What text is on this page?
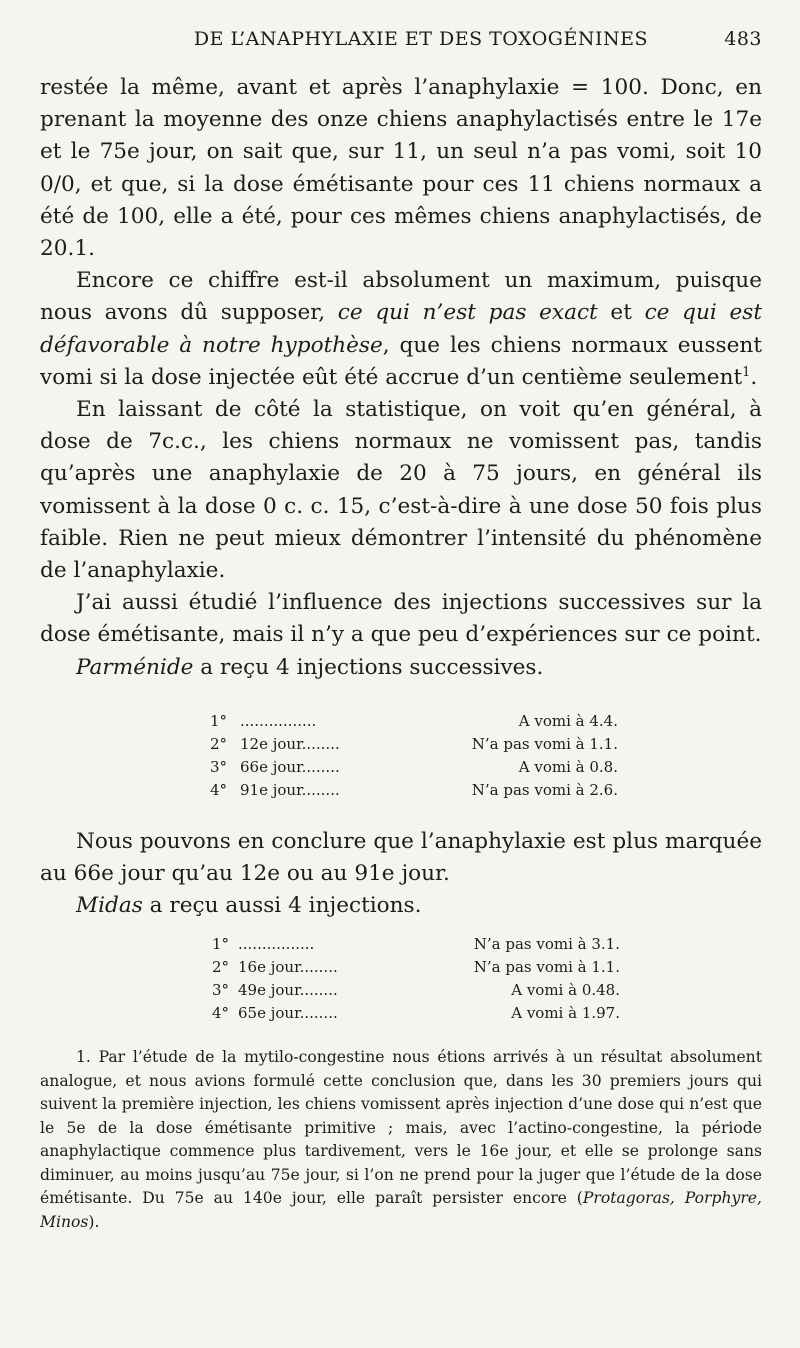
DE L’ANAPHYLAXIE ET DES TOXOGÉNINES	483

restée la même, avant et après l’anaphylaxie = 100. Donc, en prenant la moyenne des onze chiens anaphylactisés entre le 17e et le 75e jour, on sait que, sur 11, un seul n’a pas vomi, soit 10 0/0, et que, si la dose émétisante pour ces 11 chiens normaux a été de 100, elle a été, pour ces mêmes chiens anaphylactisés, de 20.1.

Encore ce chiffre est-il absolument un maximum, puisque nous avons dû supposer, ce qui n’est pas exact et ce qui est défavorable à notre hypothèse, que les chiens normaux eussent vomi si la dose injectée eût été accrue d’un centième seulement$^1$.

En laissant de côté la statistique, on voit qu’en général, à dose de 7c.c., les chiens normaux ne vomissent pas, tandis qu’après une anaphylaxie de 20 à 75 jours, en général ils vomissent à la dose 0 c. c. 15, c’est-à-dire à une dose 50 fois plus faible. Rien ne peut mieux démontrer l’intensité du phénomène de l’anaphylaxie.

J’ai aussi étudié l’influence des injections successives sur la dose émétisante, mais il n’y a que peu d’expériences sur ce point.

Parménide a reçu 4 injections successives.

1°	................	A vomi à 4.4.
2°	12e jour........	N’a pas vomi à 1.1.
3°	66e jour........	A vomi à 0.8.
4°	91e jour........	N’a pas vomi à 2.6.

Nous pouvons en conclure que l’anaphylaxie est plus marquée au 66e jour qu’au 12e ou au 91e jour.

Midas a reçu aussi 4 injections.

1°	................	N’a pas vomi à 3.1.
2°	16e jour........	N’a pas vomi à 1.1.
3°	49e jour........	A vomi à 0.48.
4°	65e jour........	A vomi à 1.97.

1. Par l’étude de la mytilo-congestine nous étions arrivés à un résultat absolument analogue, et nous avions formulé cette conclusion que, dans les 30 premiers jours qui suivent la première injection, les chiens vomissent après injection d’une dose qui n’est que le 5e de la dose émétisante primitive ; mais, avec l’actino-congestine, la période anaphylactique commence plus tardivement, vers le 16e jour, et elle se prolonge sans diminuer, au moins jusqu’au 75e jour, si l’on ne prend pour la juger que l’étude de la dose émétisante. Du 75e au 140e jour, elle paraît persister encore (Protagoras, Porphyre, Minos).
